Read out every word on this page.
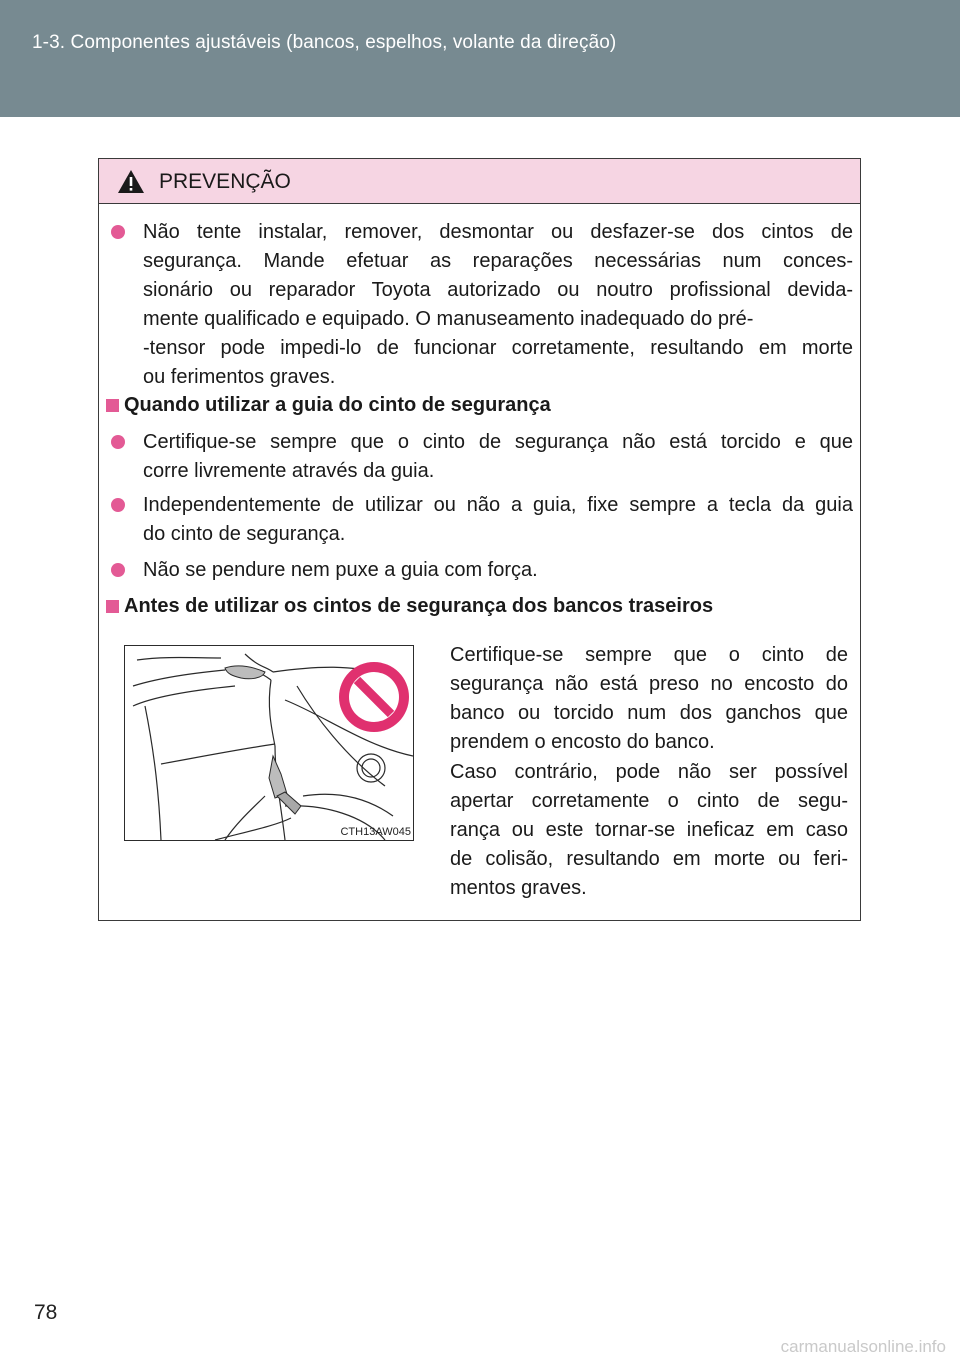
1-3. Componentes ajustáveis (bancos, espelhos, volante da direção)
PREVENÇÃO
Não tente instalar, remover, desmontar ou desfazer-se dos cintos de
segurança. Mande efetuar as reparações necessárias num conces-
sionário ou reparador Toyota autorizado ou noutro profissional devida-
mente qualificado e equipado. O manuseamento inadequado do pré-
-tensor pode impedi-lo de funcionar corretamente, resultando em morte
ou ferimentos graves.
Quando utilizar a guia do cinto de segurança
Certifique-se sempre que o cinto de segurança não está torcido e que
corre livremente através da guia.
Independentemente de utilizar ou não a guia, fixe sempre a tecla da guia
do cinto de segurança.
Não se pendure nem puxe a guia com força.
Antes de utilizar os cintos de segurança dos bancos traseiros
CTH13AW045
Certifique-se sempre que o cinto de
segurança não está preso no encosto do
banco ou torcido num dos ganchos que
prendem o encosto do banco.
Caso contrário, pode não ser possível
apertar corretamente o cinto de segu-
rança ou este tornar-se ineficaz em caso
de colisão, resultando em morte ou feri-
mentos graves.
78
carmanualsonline.info
